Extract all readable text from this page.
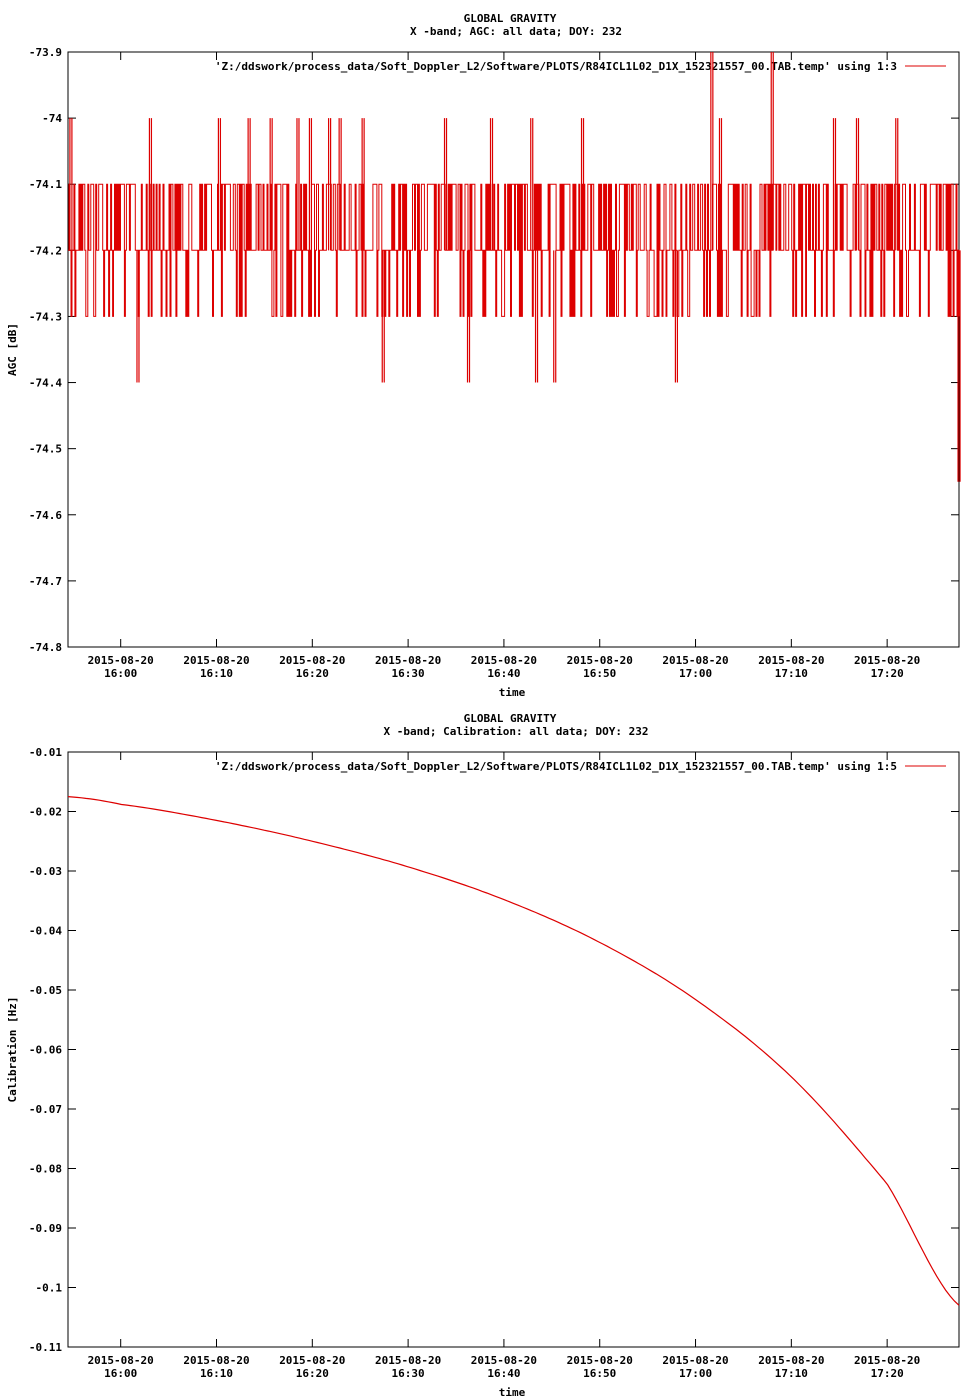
GLOBAL GRAVITY
X -band; AGC: all data; DOY: 232
-73.9
-74
-74.1
-74.2
-74.3
-74.4
-74.5
-74.6
-74.7
-74.8
2015-08-20
16:00
2015-08-20
16:10
2015-08-20
16:20
2015-08-20
16:30
2015-08-20
16:40
2015-08-20
16:50
2015-08-20
17:00
2015-08-20
17:10
2015-08-20
17:20
time
AGC [dB]
'Z:/ddswork/process_data/Soft_Doppler_L2/Software/PLOTS/R84ICL1L02_D1X_152321557_00.TAB.temp' using 1:3
GLOBAL GRAVITY
X -band; Calibration: all data; DOY: 232
-0.01
-0.02
-0.03
-0.04
-0.05
-0.06
-0.07
-0.08
-0.09
-0.1
-0.11
2015-08-20
16:00
2015-08-20
16:10
2015-08-20
16:20
2015-08-20
16:30
2015-08-20
16:40
2015-08-20
16:50
2015-08-20
17:00
2015-08-20
17:10
2015-08-20
17:20
time
Calibration [Hz]
'Z:/ddswork/process_data/Soft_Doppler_L2/Software/PLOTS/R84ICL1L02_D1X_152321557_00.TAB.temp' using 1:5
